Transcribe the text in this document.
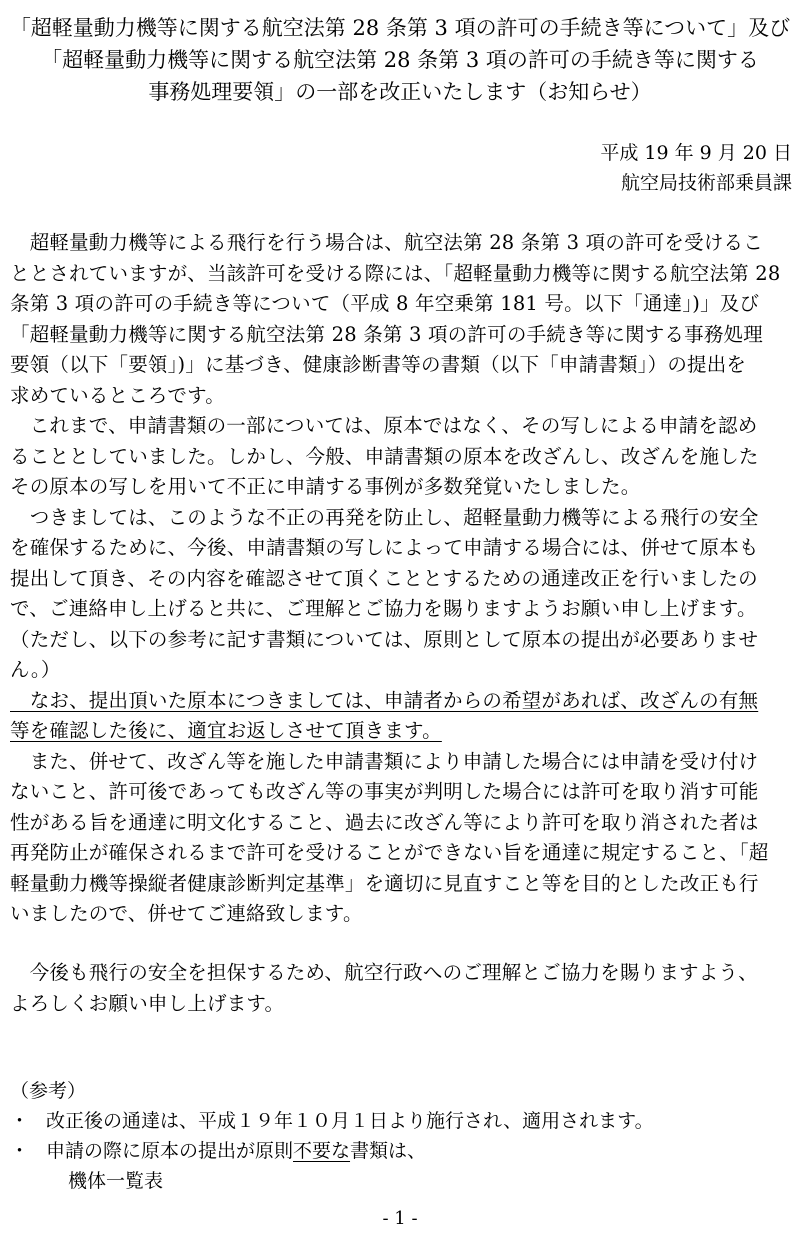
「超軽量動力機等に関する航空法第 28 条第 3 項の許可の手続き等について」及び
「超軽量動力機等に関する航空法第 28 条第 3 項の許可の手続き等に関する
事務処理要領」の一部を改正いたします（お知らせ）
平成 19 年 9 月 20 日
航空局技術部乗員課
　超軽量動力機等による飛行を行う場合は、航空法第 28 条第 3 項の許可を受けるこ
ととされていますが、当該許可を受ける際には、「超軽量動力機等に関する航空法第 28
条第 3 項の許可の手続き等について（平成 8 年空乗第 181 号。以下「通達」)」及び
「超軽量動力機等に関する航空法第 28 条第 3 項の許可の手続き等に関する事務処理
要領（以下「要領」)」に基づき、健康診断書等の書類（以下「申請書類」）の提出を
求めているところです。
　これまで、申請書類の一部については、原本ではなく、その写しによる申請を認め
ることとしていました。しかし、今般、申請書類の原本を改ざんし、改ざんを施した
その原本の写しを用いて不正に申請する事例が多数発覚いたしました。
　つきましては、このような不正の再発を防止し、超軽量動力機等による飛行の安全
を確保するために、今後、申請書類の写しによって申請する場合には、併せて原本も
提出して頂き、その内容を確認させて頂くこととするための通達改正を行いましたの
で、ご連絡申し上げると共に、ご理解とご協力を賜りますようお願い申し上げます。
（ただし、以下の参考に記す書類については、原則として原本の提出が必要ありませ
ん。）
　なお、提出頂いた原本につきましては、申請者からの希望があれば、改ざんの有無
等を確認した後に、適宜お返しさせて頂きます。
　また、併せて、改ざん等を施した申請書類により申請した場合には申請を受け付け
ないこと、許可後であっても改ざん等の事実が判明した場合には許可を取り消す可能
性がある旨を通達に明文化すること、過去に改ざん等により許可を取り消された者は
再発防止が確保されるまで許可を受けることができない旨を通達に規定すること、「超
軽量動力機等操縦者健康診断判定基準」を適切に見直すこと等を目的とした改正も行
いましたので、併せてご連絡致します。
　今後も飛行の安全を担保するため、航空行政へのご理解とご協力を賜りますよう、
よろしくお願い申し上げます。
（参考）
・ 改正後の通達は、平成１９年１０月１日より施行され、適用されます。
・ 申請の際に原本の提出が原則不要な書類は、
機体一覧表
- 1 -
